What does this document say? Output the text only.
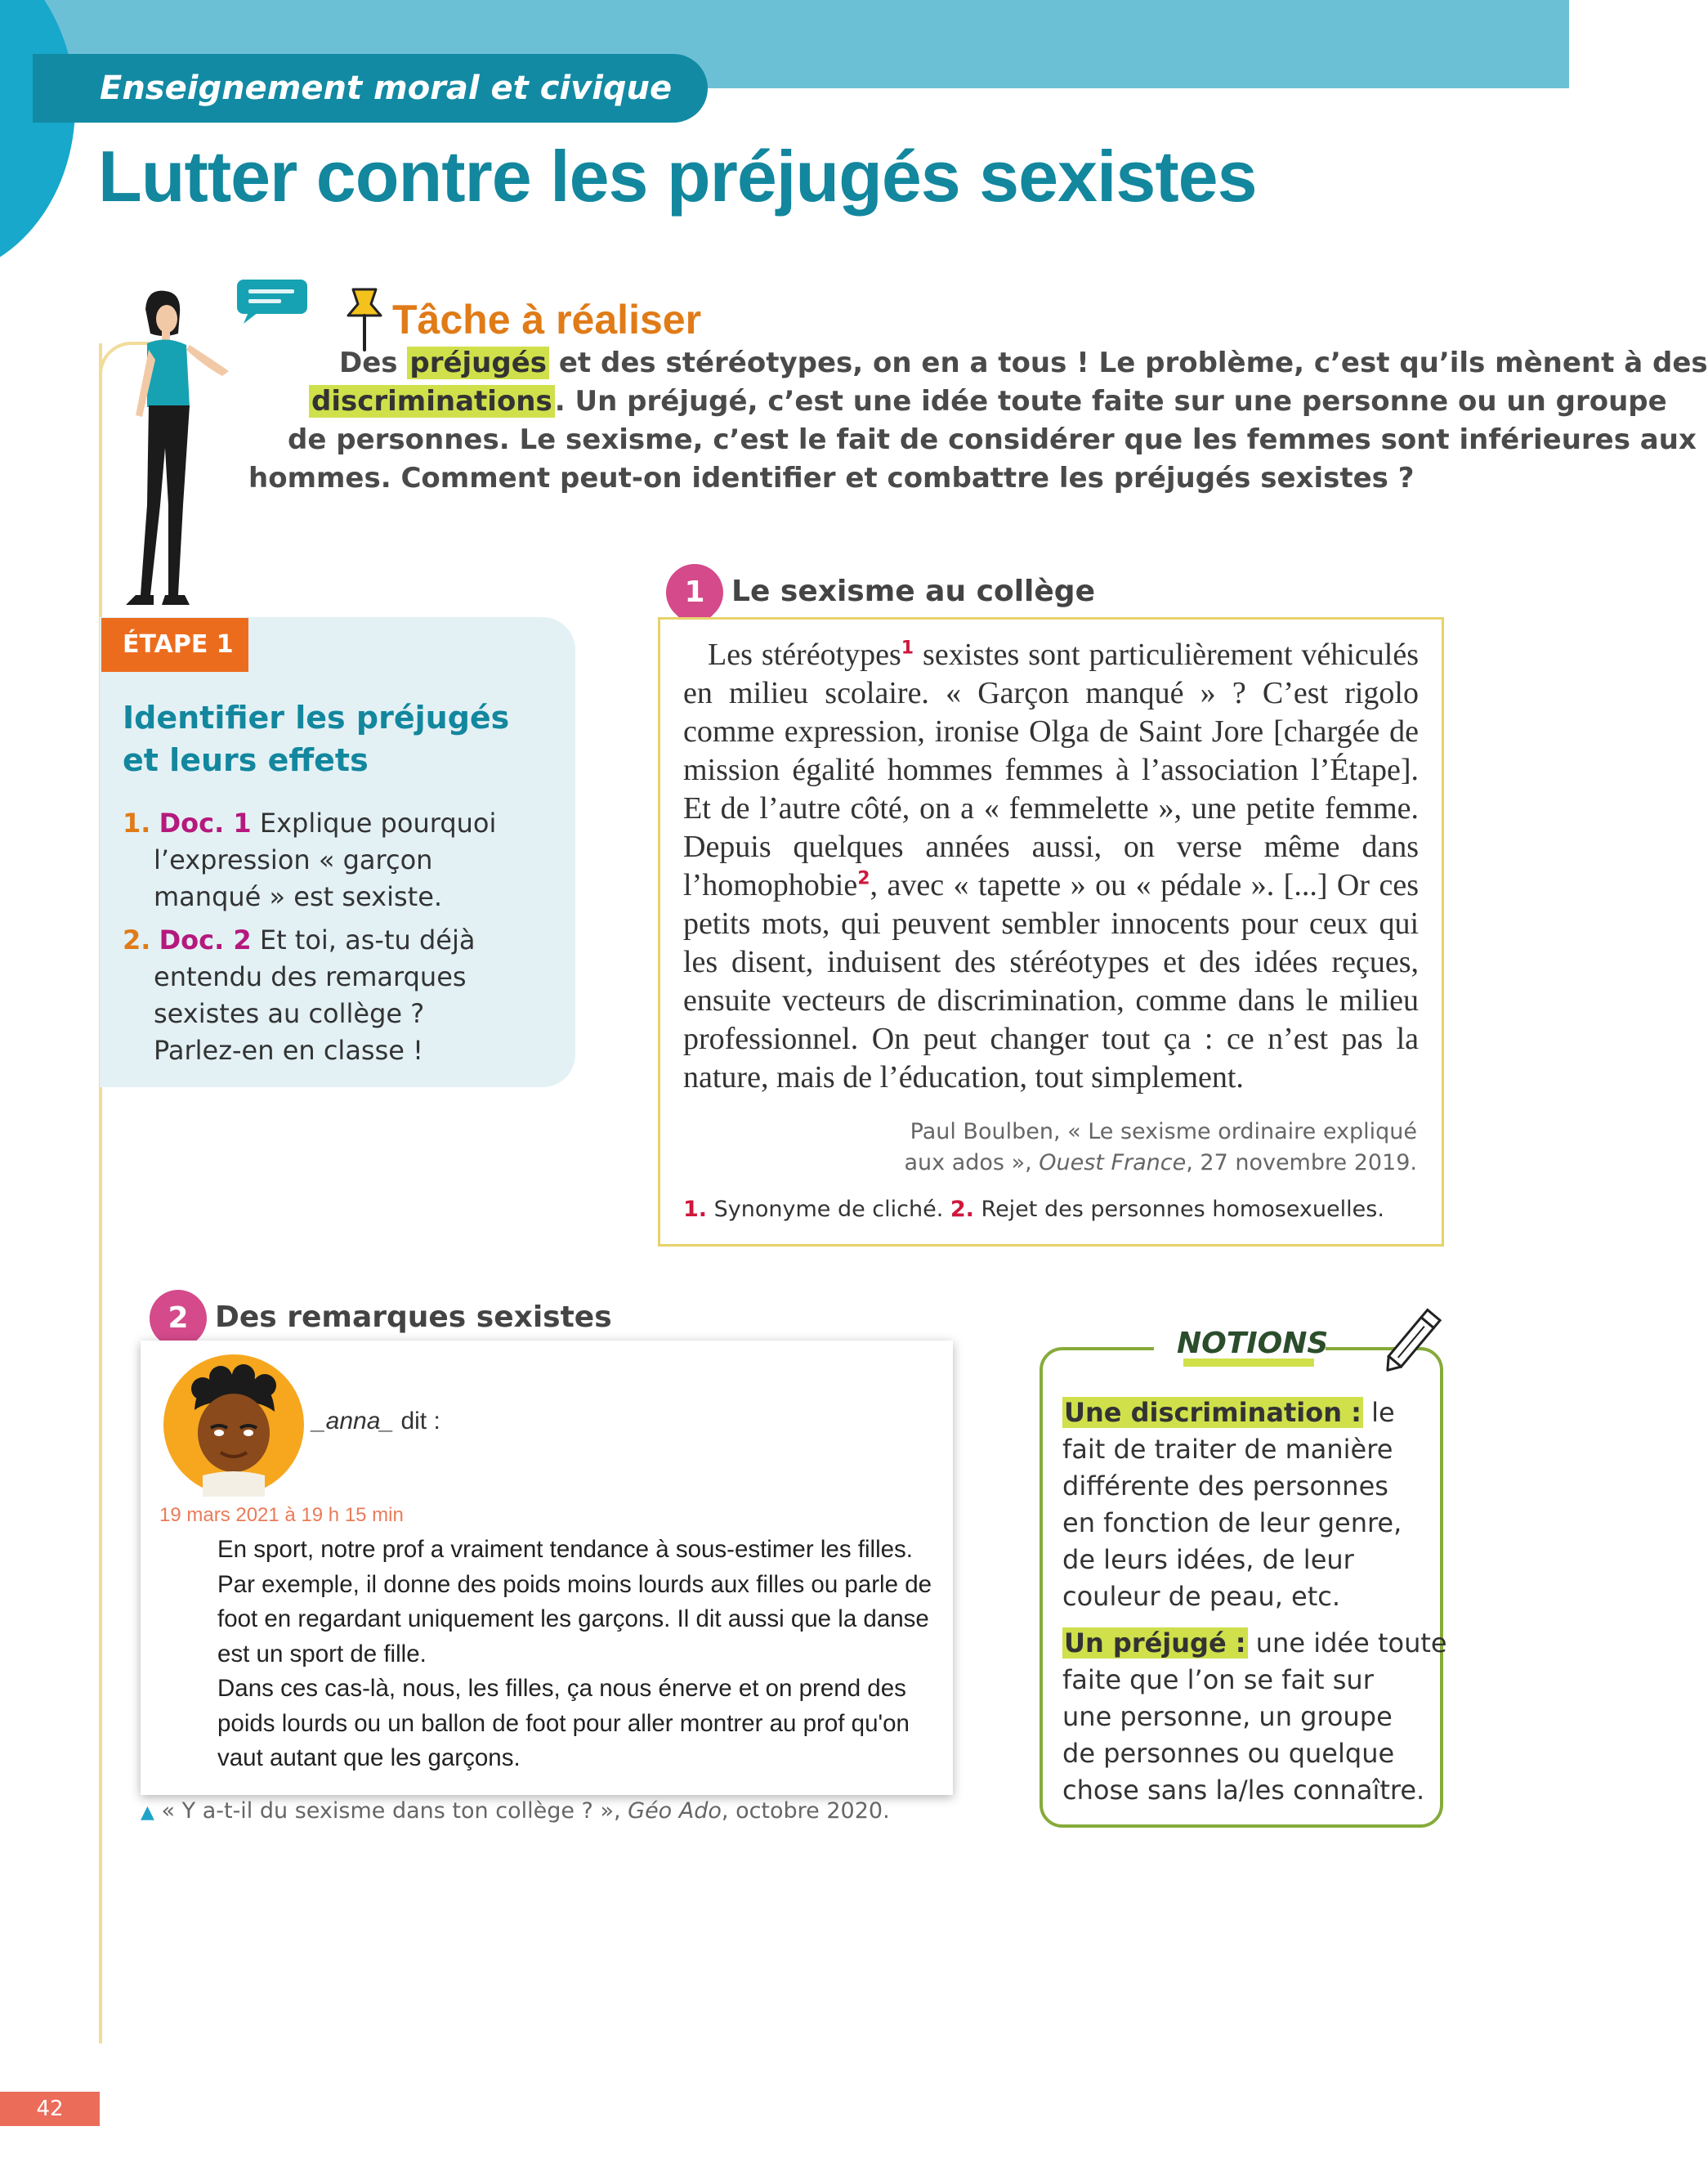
Enseignement moral et civique
Lutter contre les préjugés sexistes
Tâche à réaliser
Des préjugés et des stéréotypes, on en a tous ! Le problème, c’est qu’ils mènent à des
discriminations. Un préjugé, c’est une idée toute faite sur une personne ou un groupe
de personnes. Le sexisme, c’est le fait de considérer que les femmes sont inférieures aux
hommes. Comment peut-on identifier et combattre les préjugés sexistes ?
ÉTAPE 1
Identifier les préjugés
et leurs effets
1. Doc. 1 Explique pourquoi
l’expression « garçon
manqué » est sexiste.
2. Doc. 2 Et toi, as-tu déjà
entendu des remarques
sexistes au collège ?
Parlez-en en classe !
1 Le sexisme au collège

Les stéréotypes$^1$ sexistes sont particulièrement véhiculés en milieu scolaire. « Garçon manqué » ? C’est rigolo comme expression, ironise Olga de Saint Jore [chargée de mission égalité hommes femmes à l’association l’Étape]. Et de l’autre côté, on a « femmelette », une petite femme. Depuis quelques années aussi, on verse même dans l’homophobie$^2$, avec « tapette » ou « pédale ». [...] Or ces petits mots, qui peuvent sembler innocents pour ceux qui les disent, induisent des stéréotypes et des idées reçues, ensuite vecteurs de discrimination, comme dans le milieu professionnel. On peut changer tout ça : ce n’est pas la nature, mais de l’éducation, tout simplement.

Paul Boulben, « Le sexisme ordinaire expliqué
aux ados », Ouest France, 27 novembre 2019.
1. Synonyme de cliché. 2. Rejet des personnes homosexuelles.
2 Des remarques sexistes
_anna_ dit :
19 mars 2021 à 19 h 15 min
En sport, notre prof a vraiment tendance à sous-estimer les filles.
Par exemple, il donne des poids moins lourds aux filles ou parle de
foot en regardant uniquement les garçons. Il dit aussi que la danse
est un sport de fille.
Dans ces cas-là, nous, les filles, ça nous énerve et on prend des
poids lourds ou un ballon de foot pour aller montrer au prof qu'on
vaut autant que les garçons.
▲ « Y a-t-il du sexisme dans ton collège ? », Géo Ado, octobre 2020.
NOTIONS
Une discrimination : le
fait de traiter de manière
différente des personnes
en fonction de leur genre,
de leurs idées, de leur
couleur de peau, etc.
Un préjugé : une idée toute
faite que l’on se fait sur
une personne, un groupe
de personnes ou quelque
chose sans la/les connaître.
42
